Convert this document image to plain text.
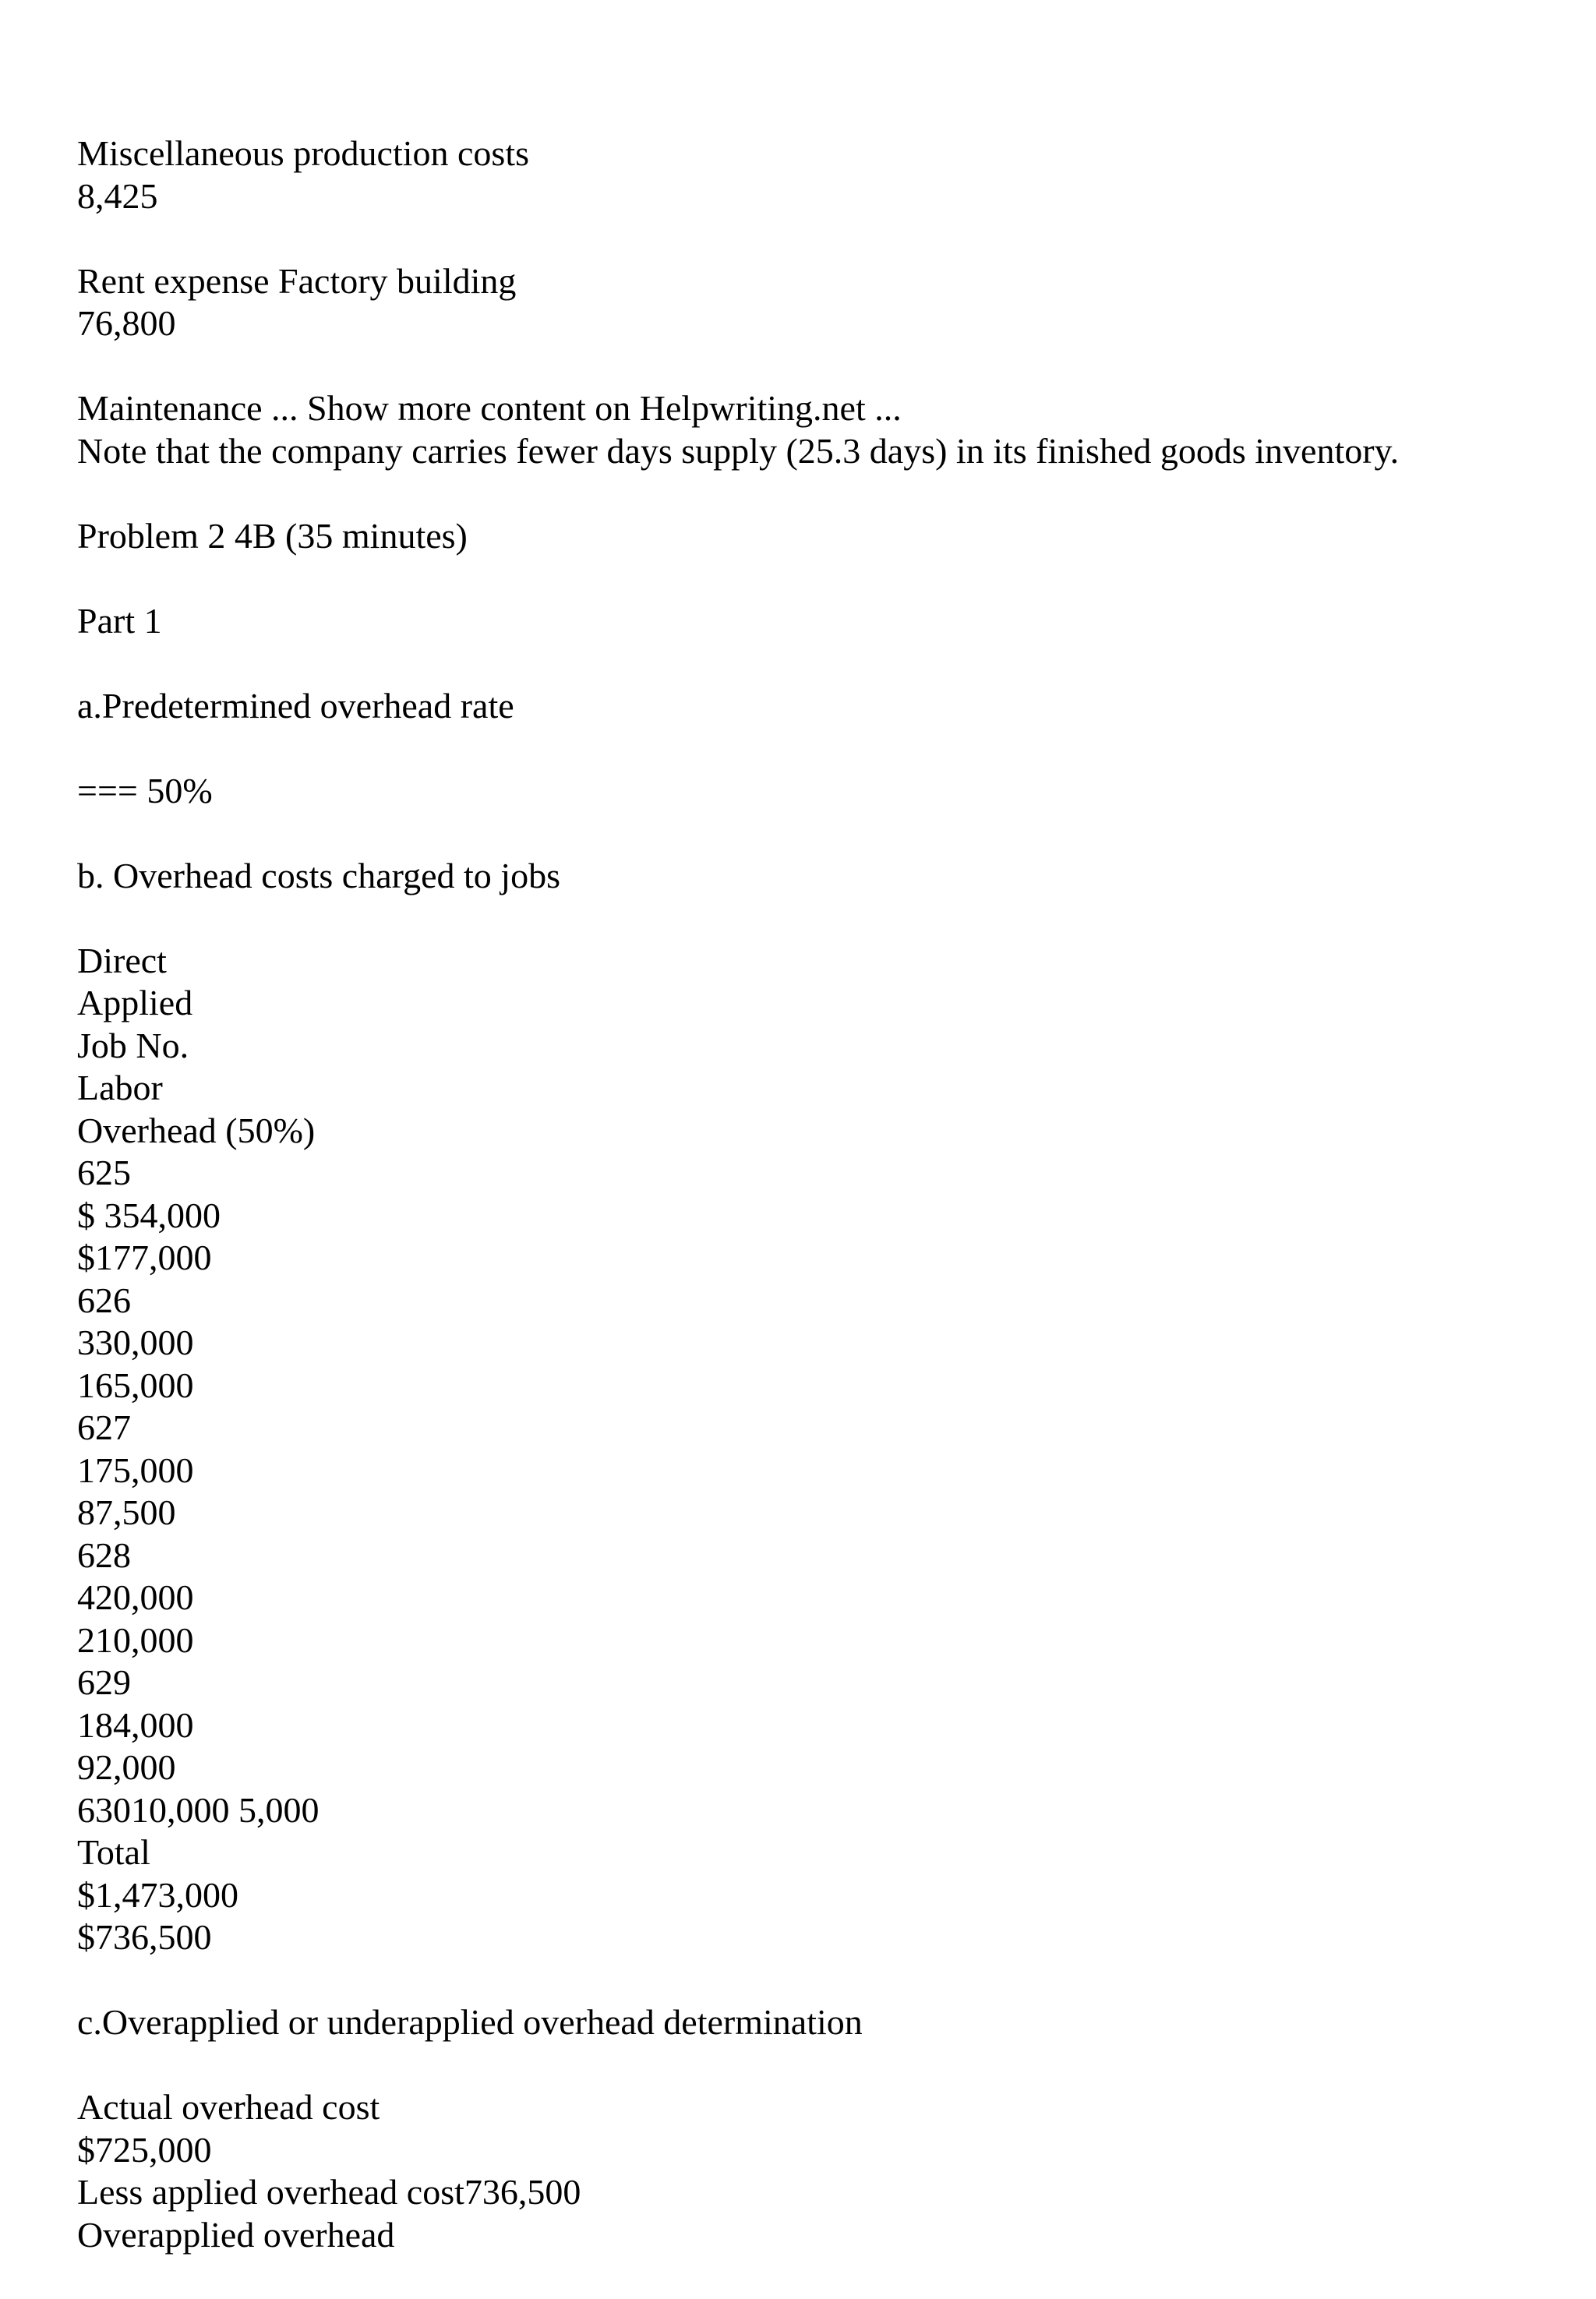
Miscellaneous production costs
8,425
Rent expense Factory building
76,800
Maintenance ... Show more content on Helpwriting.net ...
Note that the company carries fewer days supply (25.3 days) in its finished goods inventory.
Problem 2 4B (35 minutes)
Part 1
a.Predetermined overhead rate
=== 50%
b. Overhead costs charged to jobs
Direct
Applied
Job No.
Labor
Overhead (50%)
625
$ 354,000
$177,000
626
330,000
165,000
627
175,000
87,500
628
420,000
210,000
629
184,000
92,000
63010,000 5,000
Total
$1,473,000
$736,500
c.Overapplied or underapplied overhead determination
Actual overhead cost
$725,000
Less applied overhead cost736,500
Overapplied overhead
